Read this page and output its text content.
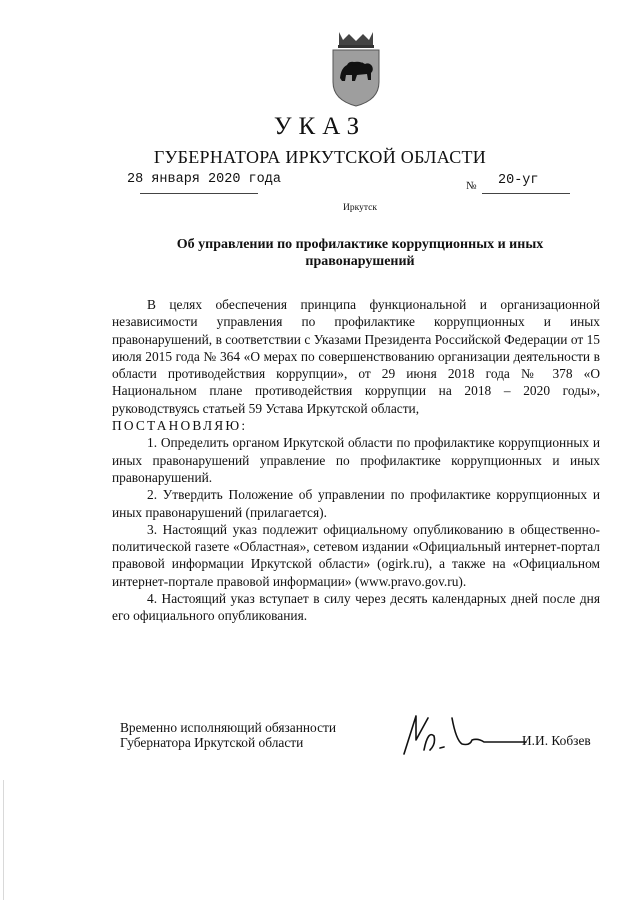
УКАЗ
ГУБЕРНАТОРА ИРКУТСКОЙ ОБЛАСТИ
28 января 2020 года	№ 20-уг
Иркутск
Об управлении по профилактике коррупционных и иных
правонарушений

В целях обеспечения принципа функциональной и организационной независимости управления по профилактике коррупционных и иных правонарушений, в соответствии с Указами Президента Российской Федерации от 15 июля 2015 года № 364 «О мерах по совершенствованию организации деятельности в области противодействия коррупции», от 29 июня 2018 года № 378 «О Национальном плане противодействия коррупции на 2018 – 2020 годы», руководствуясь статьей 59 Устава Иркутской области,

ПОСТАНОВЛЯЮ:

1. Определить органом Иркутской области по профилактике коррупционных и иных правонарушений управление по профилактике коррупционных и иных правонарушений.

2. Утвердить Положение об управлении по профилактике коррупционных и иных правонарушений (прилагается).

3. Настоящий указ подлежит официальному опубликованию в общественно-политической газете «Областная», сетевом издании «Официальный интернет-портал правовой информации Иркутской области» (ogirk.ru), а также на «Официальном интернет-портале правовой информации» (www.pravo.gov.ru).

4. Настоящий указ вступает в силу через десять календарных дней после дня его официального опубликования.

Временно исполняющий обязанности
Губернатора Иркутской области	И.И. Кобзев
